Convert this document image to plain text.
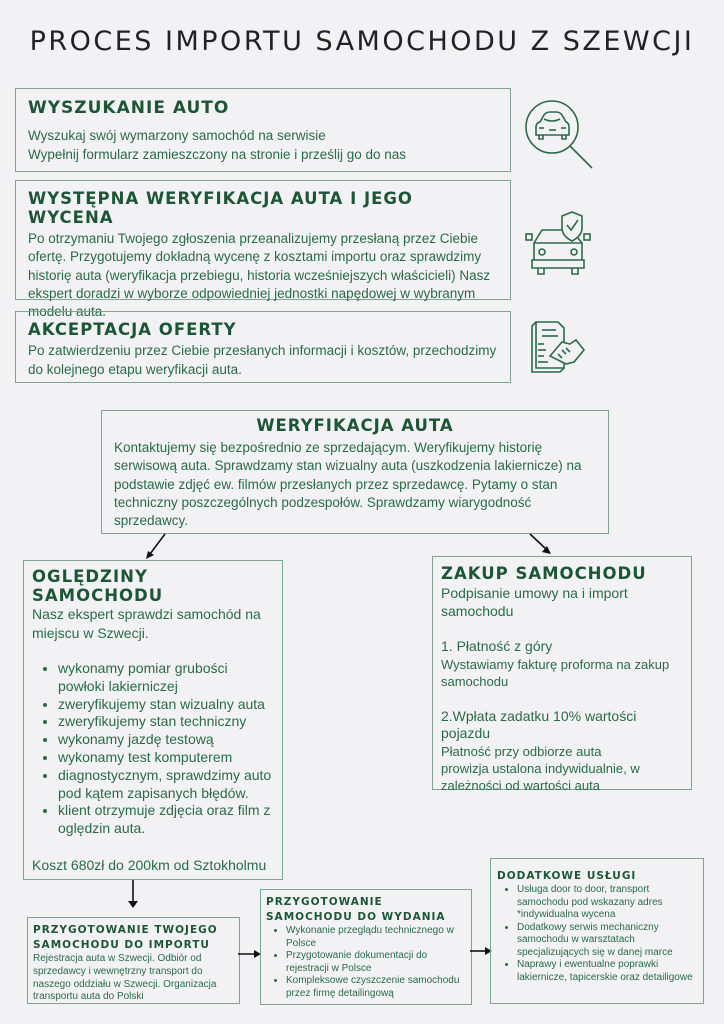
PROCES IMPORTU SAMOCHODU Z SZEWCJI
WYSZUKANIE AUTO
Wyszukaj swój wymarzony samochód na serwisie
Wypełnij formularz zamieszczony na stronie i prześlij go do nas
WYSTĘPNA WERYFIKACJA AUTA I JEGO WYCENA
Po otrzymaniu Twojego zgłoszenia przeanalizujemy przesłaną przez Ciebie ofertę. Przygotujemy dokładną wycenę z kosztami importu oraz sprawdzimy historię auta (weryfikacja przebiegu, historia wcześniejszych właścicieli) Nasz ekspert doradzi w wyborze odpowiedniej jednostki napędowej w wybranym modelu auta.
AKCEPTACJA OFERTY
Po zatwierdzeniu przez Ciebie przesłanych informacji i kosztów, przechodzimy do kolejnego etapu weryfikacji auta.
WERYFIKACJA AUTA
Kontaktujemy się bezpośrednio ze sprzedającym. Weryfikujemy historię serwisową auta. Sprawdzamy stan wizualny auta (uszkodzenia lakiernicze) na podstawie zdjęć ew. filmów przesłanych przez sprzedawcę. Pytamy o stan techniczny poszczególnych podzespołów. Sprawdzamy wiarygodność sprzedawcy.
OGLĘDZINY SAMOCHODU
Nasz ekspert sprawdzi samochód na miejscu w Szwecji.
• wykonamy pomiar grubości powłoki lakierniczej
• zweryfikujemy stan wizualny auta
• zweryfikujemy stan techniczny
• wykonamy jazdę testową
• wykonamy test komputerem
• diagnostycznym, sprawdzimy auto pod kątem zapisanych błędów.
• klient otrzymuje zdjęcia oraz film z oględzin auta.
Koszt 680zł do 200km od Sztokholmu
ZAKUP SAMOCHODU
Podpisanie umowy na i import samochodu
1. Płatność z góry
Wystawiamy fakturę proforma na zakup samochodu
2.Wpłata zadatku 10% wartości pojazdu
Płatność przy odbiorze auta
prowizja ustalona indywidualnie, w zależności od wartości auta
PRZYGOTOWANIE TWOJEGO SAMOCHODU DO IMPORTU
Rejestracja auta w Szwecji. Odbiór od sprzedawcy i wewnętrzny transport do naszego oddziału w Szwecji. Organizacja transportu auta do Polski
PRZYGOTOWANIE SAMOCHODU DO WYDANIA
• Wykonanie przeglądu technicznego w Polsce
• Przygotowanie dokumentacji do rejestracji w Polsce
• Kompleksowe czyszczenie samochodu przez firmę detailingową
DODATKOWE USŁUGI
• Usługa door to door, transport samochodu pod wskazany adres *indywidualna wycena
• Dodatkowy serwis mechaniczny samochodu w warsztatach specjalizujących się w danej marce
• Naprawy i ewentualne poprawki lakiernicze, tapicerskie oraz detailigowe
